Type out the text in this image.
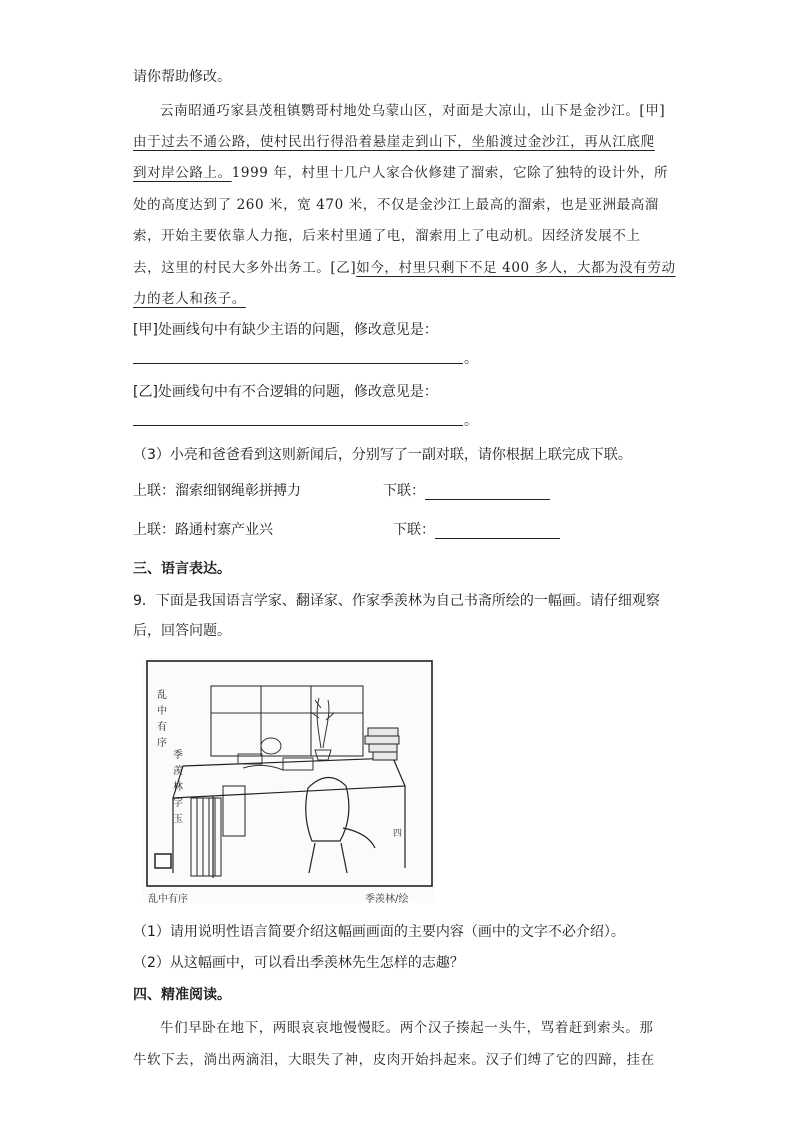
请你帮助修改。
云南昭通巧家县茂租镇鹦哥村地处乌蒙山区，对面是大凉山，山下是金沙江。[甲]
由于过去不通公路，使村民出行得沿着悬崖走到山下，坐船渡过金沙江，再从江底爬
到对岸公路上。1999 年，村里十几户人家合伙修建了溜索，它除了独特的设计外，所
处的高度达到了 260 米，宽 470 米，不仅是金沙江上最高的溜索，也是亚洲最高溜
索，开始主要依靠人力拖，后来村里通了电，溜索用上了电动机。因经济发展不上
去，这里的村民大多外出务工。[乙]如今，村里只剩下不足 400 多人，大都为没有劳动
力的老人和孩子。
[甲]处画线句中有缺少主语的问题，修改意见是：
。
[乙]处画线句中有不合逻辑的问题，修改意见是：
。
（3）小亮和爸爸看到这则新闻后，分别写了一副对联，请你根据上联完成下联。
上联：溜索细钢绳彰拼搏力	下联：
上联：路通村寨产业兴	下联：
三、语言表达。
9．下面是我国语言学家、翻译家、作家季羡林为自己书斋所绘的一幅画。请仔细观察
后，回答问题。
乱
中
有
序
季
羡
林
字
玉
四
乱中有序	季羡林/绘
（1）请用说明性语言简要介绍这幅画画面的主要内容（画中的文字不必介绍）。
（2）从这幅画中，可以看出季羡林先生怎样的志趣？
四、精准阅读。
牛们早卧在地下，两眼哀哀地慢慢眨。两个汉子揍起一头牛，骂着赶到索头。那
牛软下去，淌出两滴泪，大眼失了神，皮肉开始抖起来。汉子们缚了它的四蹄，挂在
